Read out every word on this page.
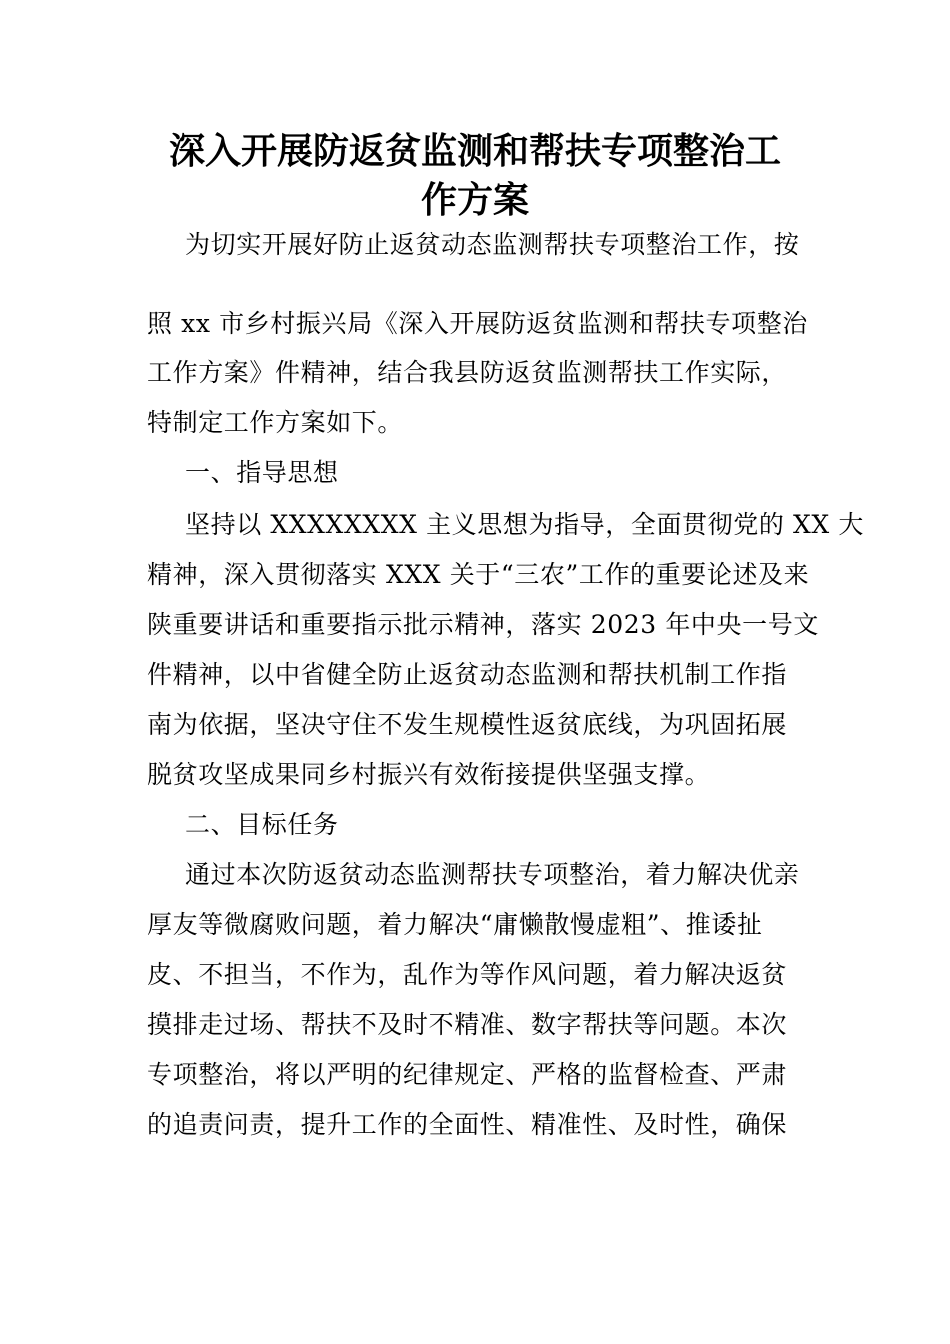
深入开展防返贫监测和帮扶专项整治工
作方案
为切实开展好防止返贫动态监测帮扶专项整治工作，按
照 xx 市乡村振兴局《深入开展防返贫监测和帮扶专项整治
工作方案》件精神，结合我县防返贫监测帮扶工作实际，
特制定工作方案如下。
一、指导思想
坚持以 XXXXXXXX 主义思想为指导，全面贯彻党的 XX 大
精神，深入贯彻落实 XXX 关于“三农”工作的重要论述及来
陕重要讲话和重要指示批示精神，落实 2023 年中央一号文
件精神，以中省健全防止返贫动态监测和帮扶机制工作指
南为依据，坚决守住不发生规模性返贫底线，为巩固拓展
脱贫攻坚成果同乡村振兴有效衔接提供坚强支撑。
二、目标任务
通过本次防返贫动态监测帮扶专项整治，着力解决优亲
厚友等微腐败问题，着力解决“庸懒散慢虚粗”、推诿扯
皮、不担当，不作为，乱作为等作风问题，着力解决返贫
摸排走过场、帮扶不及时不精准、数字帮扶等问题。本次
专项整治，将以严明的纪律规定、严格的监督检查、严肃
的追责问责，提升工作的全面性、精准性、及时性，确保
